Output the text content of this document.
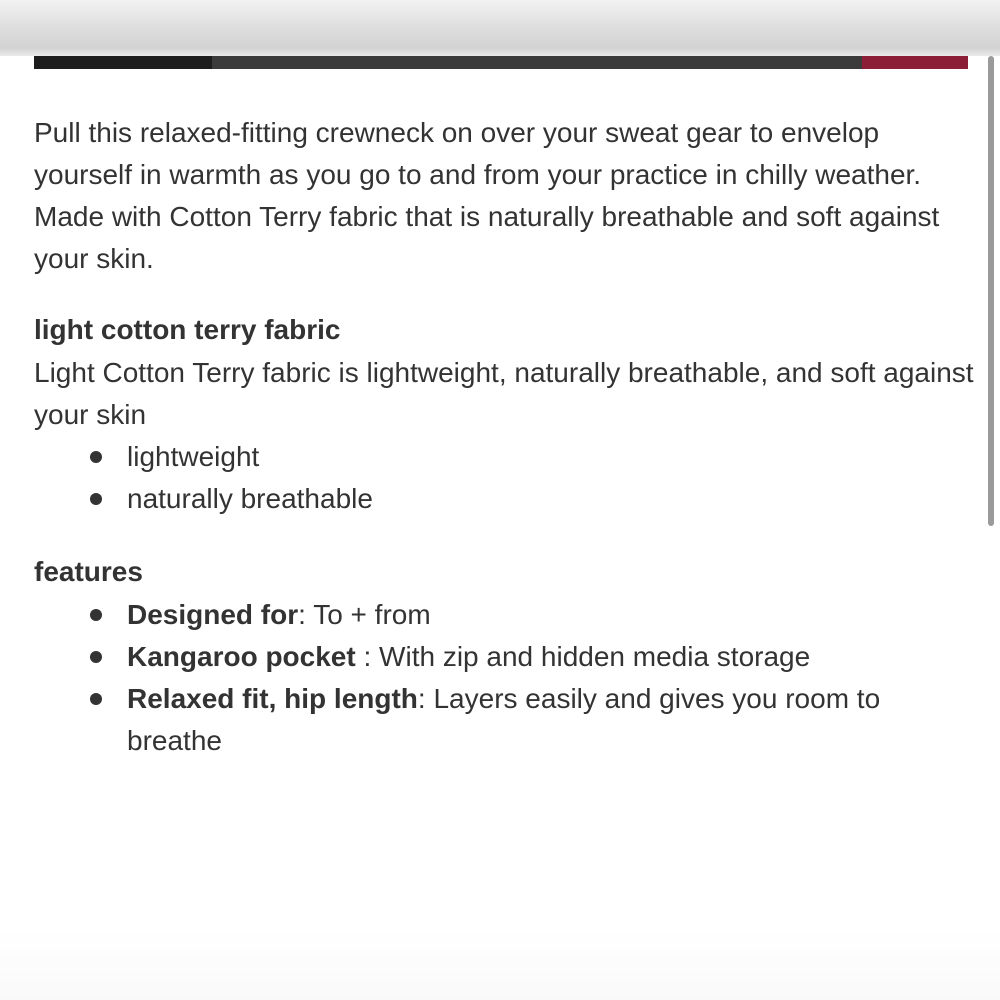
Pull this relaxed-fitting crewneck on over your sweat gear to envelop yourself in warmth as you go to and from your practice in chilly weather. Made with Cotton Terry fabric that is naturally breathable and soft against your skin.

light cotton terry fabric

Light Cotton Terry fabric is lightweight, naturally breathable, and soft against your skin

lightweight
naturally breathable
features
Designed for: To + from
Kangaroo pocket : With zip and hidden media storage
Relaxed fit, hip length: Layers easily and gives you room to breathe
